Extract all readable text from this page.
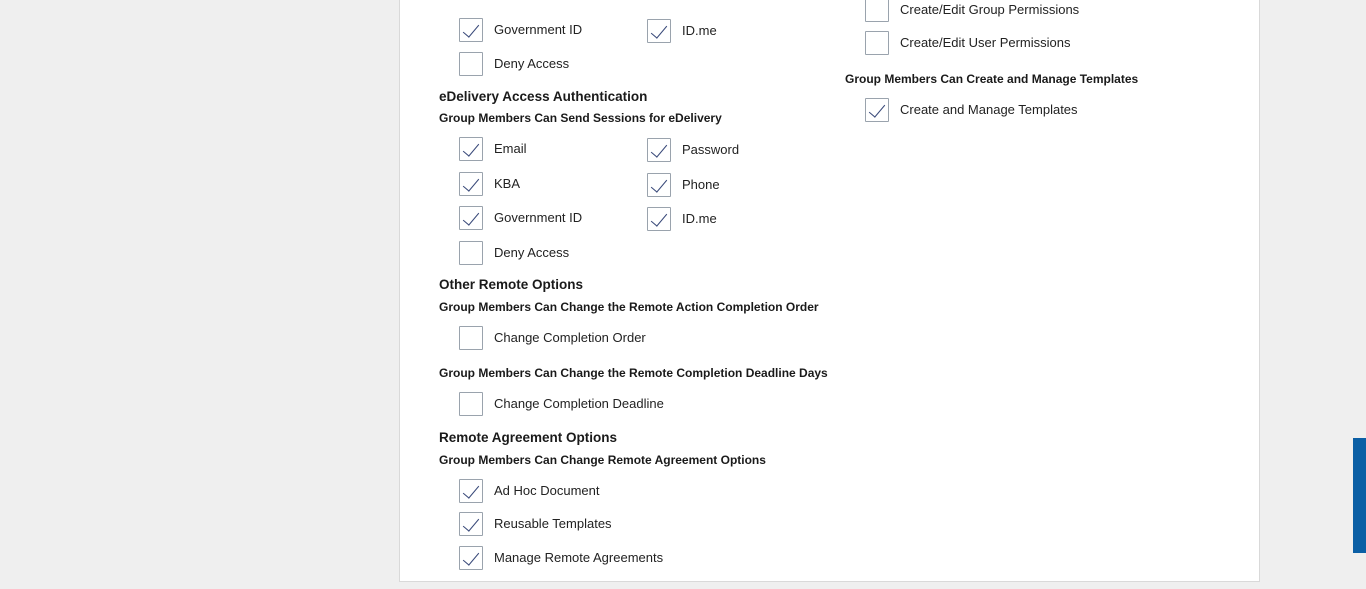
Government ID	ID.me
Deny Access
eDelivery Access Authentication
Group Members Can Send Sessions for eDelivery
Email	Password
KBA	Phone
Government ID	ID.me
Deny Access
Other Remote Options
Group Members Can Change the Remote Action Completion Order
Change Completion Order
Group Members Can Change the Remote Completion Deadline Days
Change Completion Deadline
Remote Agreement Options
Group Members Can Change Remote Agreement Options
Ad Hoc Document
Reusable Templates
Manage Remote Agreements
Create/Edit Group Permissions
Create/Edit User Permissions
Group Members Can Create and Manage Templates
Create and Manage Templates
